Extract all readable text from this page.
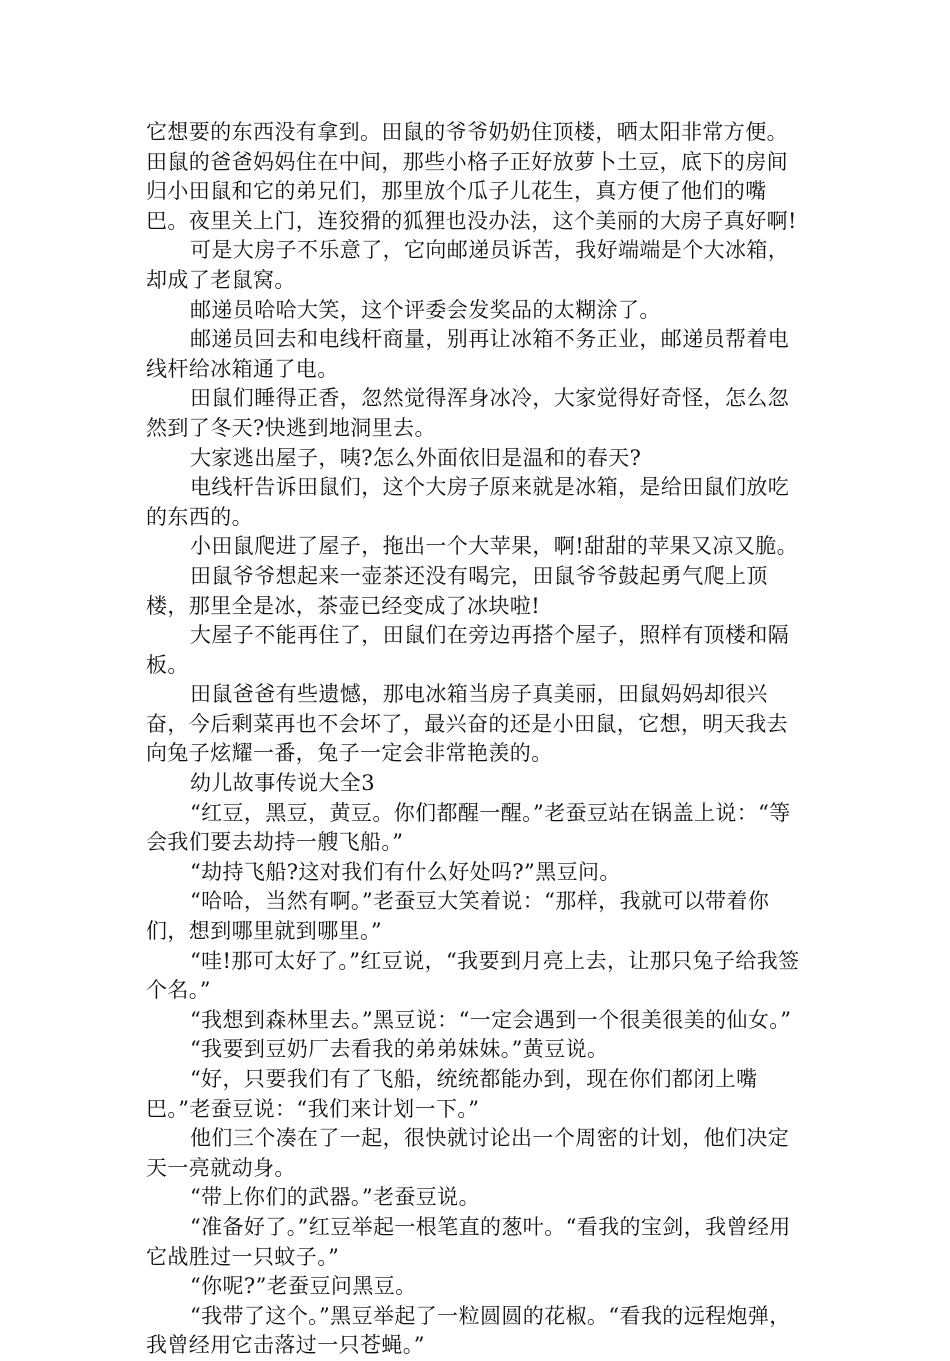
它想要的东西没有拿到。田鼠的爷爷奶奶住顶楼，晒太阳非常方便。田鼠的爸爸妈妈住在中间，那些小格子正好放萝卜土豆，底下的房间归小田鼠和它的弟兄们，那里放个瓜子儿花生，真方便了他们的嘴巴。夜里关上门，连狡猾的狐狸也没办法，这个美丽的大房子真好啊!

可是大房子不乐意了，它向邮递员诉苦，我好端端是个大冰箱，却成了老鼠窝。

邮递员哈哈大笑，这个评委会发奖品的太糊涂了。

邮递员回去和电线杆商量，别再让冰箱不务正业，邮递员帮着电线杆给冰箱通了电。

田鼠们睡得正香，忽然觉得浑身冰冷，大家觉得好奇怪，怎么忽然到了冬天?快逃到地洞里去。

大家逃出屋子，咦?怎么外面依旧是温和的春天?

电线杆告诉田鼠们，这个大房子原来就是冰箱，是给田鼠们放吃的东西的。

小田鼠爬进了屋子，拖出一个大苹果，啊!甜甜的苹果又凉又脆。

田鼠爷爷想起来一壶茶还没有喝完，田鼠爷爷鼓起勇气爬上顶楼，那里全是冰，茶壶已经变成了冰块啦!

大屋子不能再住了，田鼠们在旁边再搭个屋子，照样有顶楼和隔板。

田鼠爸爸有些遗憾，那电冰箱当房子真美丽，田鼠妈妈却很兴奋，今后剩菜再也不会坏了，最兴奋的还是小田鼠，它想，明天我去向兔子炫耀一番，兔子一定会非常艳羡的。

幼儿故事传说大全3

“红豆，黑豆，黄豆。你们都醒一醒。”老蚕豆站在锅盖上说：“等会我们要去劫持一艘飞船。”

“劫持飞船?这对我们有什么好处吗?”黑豆问。

“哈哈，当然有啊。”老蚕豆大笑着说：“那样，我就可以带着你们，想到哪里就到哪里。”

“哇!那可太好了。”红豆说，“我要到月亮上去，让那只兔子给我签个名。”

“我想到森林里去。”黑豆说：“一定会遇到一个很美很美的仙女。”

“我要到豆奶厂去看我的弟弟妹妹。”黄豆说。

“好，只要我们有了飞船，统统都能办到，现在你们都闭上嘴巴。”老蚕豆说：“我们来计划一下。”

他们三个凑在了一起，很快就讨论出一个周密的计划，他们决定天一亮就动身。

“带上你们的武器。”老蚕豆说。

“准备好了。”红豆举起一根笔直的葱叶。“看我的宝剑，我曾经用它战胜过一只蚊子。”

“你呢?”老蚕豆问黑豆。

“我带了这个。”黑豆举起了一粒圆圆的花椒。“看我的远程炮弹，我曾经用它击落过一只苍蝇。”
